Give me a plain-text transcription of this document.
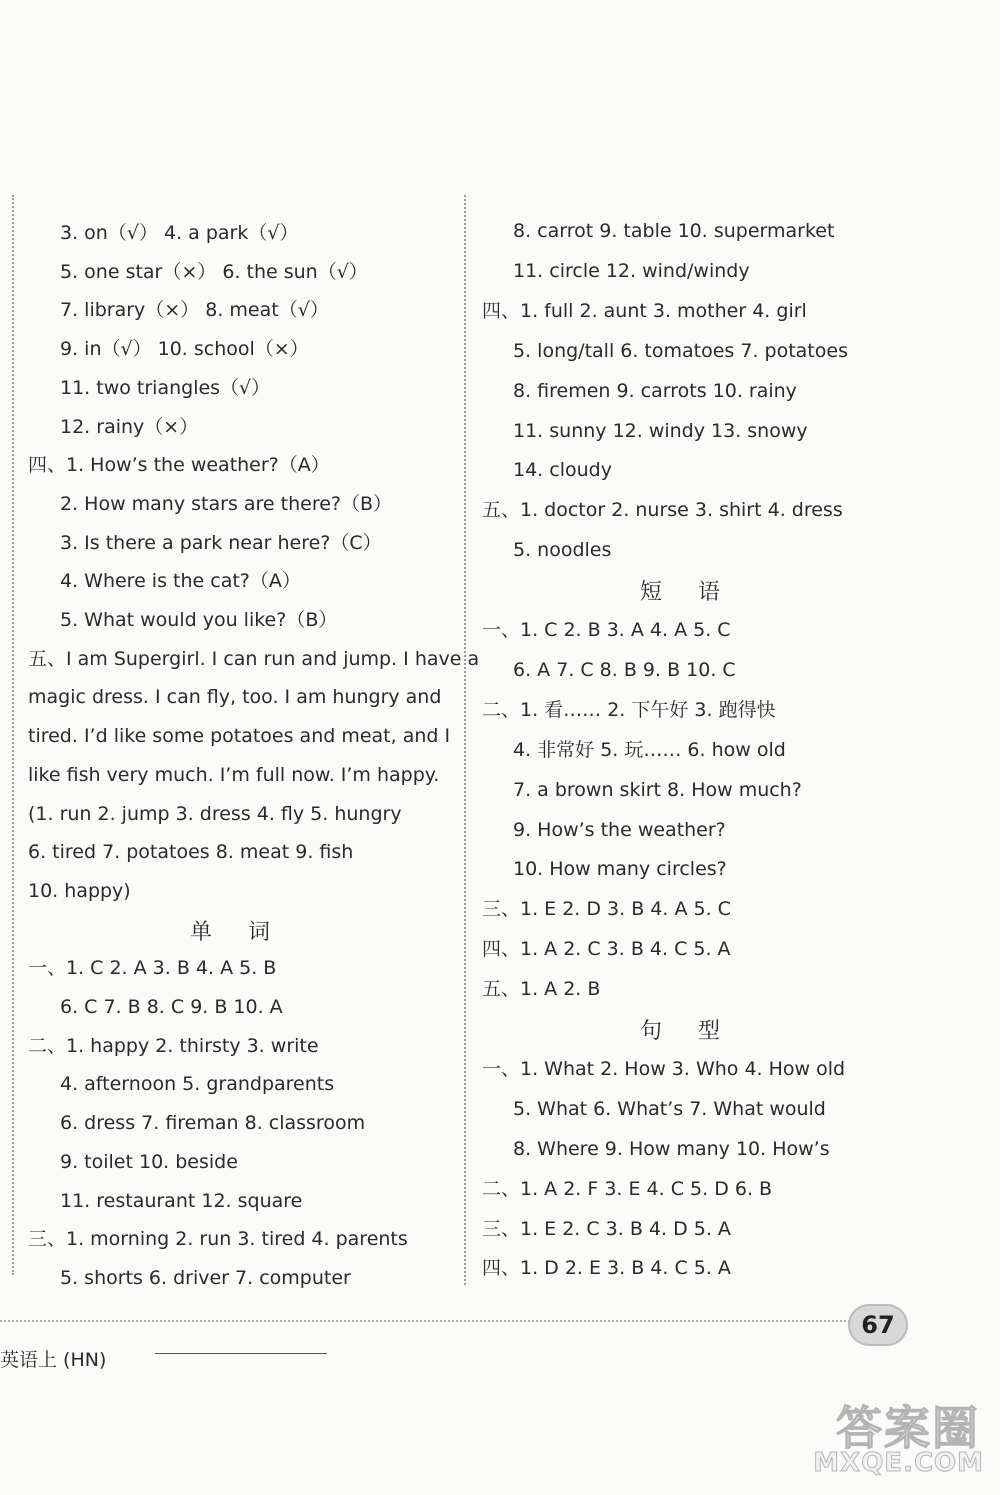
3. on（√） 4. a park（√）
5. one star（×） 6. the sun（√）
7. library（×） 8. meat（√）
9. in（√） 10. school（×）
11. two triangles（√）
12. rainy（×）
四、1. How’s the weather?（A）
2. How many stars are there?（B）
3. Is there a park near here?（C）
4. Where is the cat?（A）
5. What would you like?（B）
五、I am Supergirl. I can run and jump. I have a
magic dress. I can fly, too. I am hungry and
tired. I’d like some potatoes and meat, and I
like fish very much. I’m full now. I’m happy.
(1. run 2. jump 3. dress 4. fly 5. hungry
6. tired 7. potatoes 8. meat 9. fish
10. happy)
单词
一、1. C 2. A 3. B 4. A 5. B
6. C 7. B 8. C 9. B 10. A
二、1. happy 2. thirsty 3. write
4. afternoon 5. grandparents
6. dress 7. fireman 8. classroom
9. toilet 10. beside
11. restaurant 12. square
三、1. morning 2. run 3. tired 4. parents
5. shorts 6. driver 7. computer
8. carrot 9. table 10. supermarket
11. circle 12. wind/windy
四、1. full 2. aunt 3. mother 4. girl
5. long/tall 6. tomatoes 7. potatoes
8. firemen 9. carrots 10. rainy
11. sunny 12. windy 13. snowy
14. cloudy
五、1. doctor 2. nurse 3. shirt 4. dress
5. noodles
短语
一、1. C 2. B 3. A 4. A 5. C
6. A 7. C 8. B 9. B 10. C
二、1. 看…… 2. 下午好 3. 跑得快
4. 非常好 5. 玩…… 6. how old
7. a brown skirt 8. How much?
9. How’s the weather?
10. How many circles?
三、1. E 2. D 3. B 4. A 5. C
四、1. A 2. C 3. B 4. C 5. A
五、1. A 2. B
句型
一、1. What 2. How 3. Who 4. How old
5. What 6. What’s 7. What would
8. Where 9. How many 10. How’s
二、1. A 2. F 3. E 4. C 5. D 6. B
三、1. E 2. C 3. B 4. D 5. A
四、1. D 2. E 3. B 4. C 5. A
英语上 (HN)
67
答案圈
MXQE.COM
